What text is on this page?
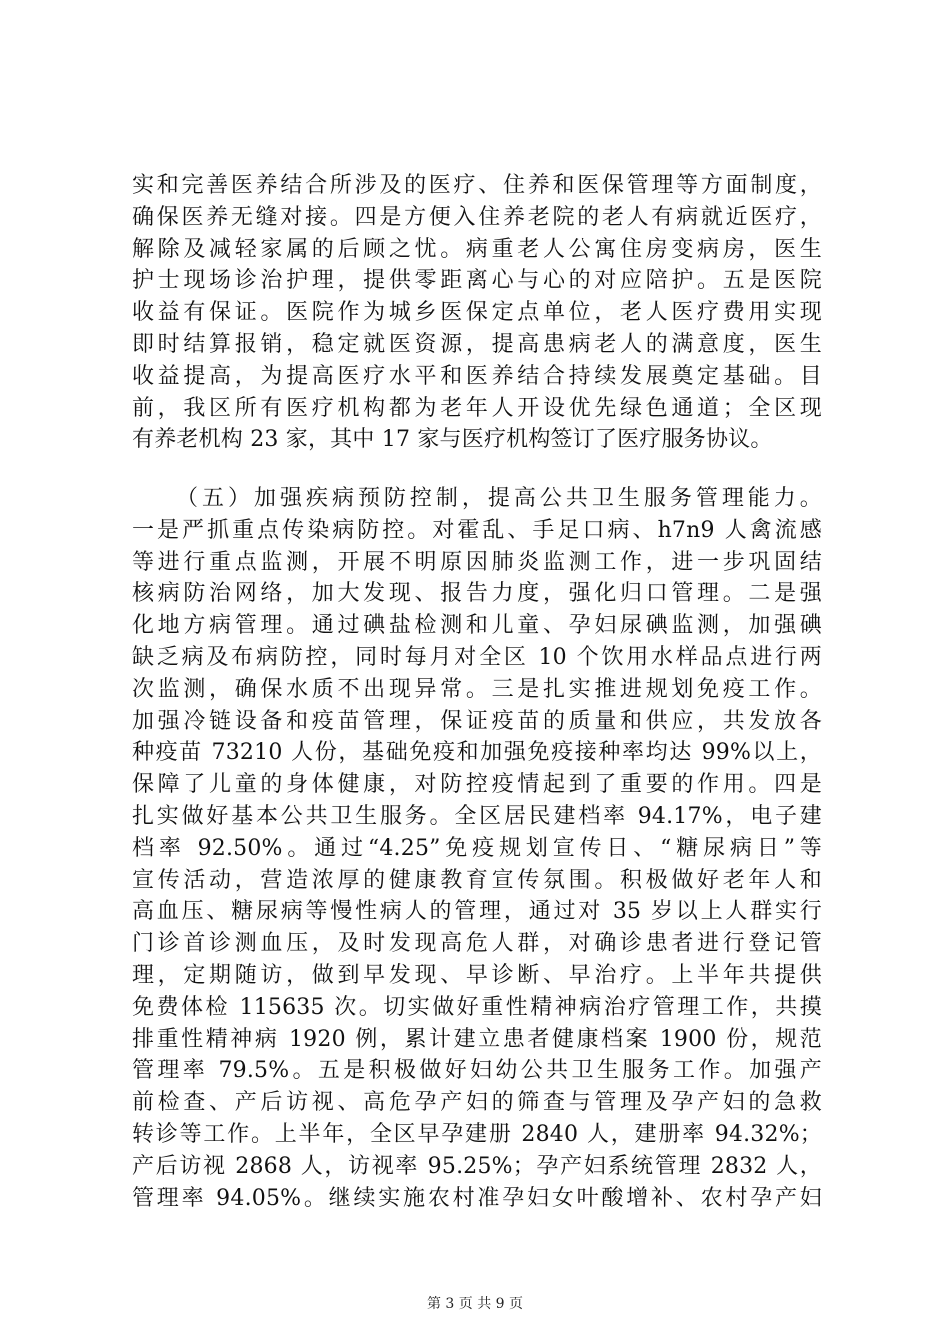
实和完善医养结合所涉及的医疗、住养和医保管理等方面制度，
确保医养无缝对接。四是方便入住养老院的老人有病就近医疗，
解除及减轻家属的后顾之忧。病重老人公寓住房变病房，医生
护士现场诊治护理，提供零距离心与心的对应陪护。五是医院
收益有保证。医院作为城乡医保定点单位，老人医疗费用实现
即时结算报销，稳定就医资源，提高患病老人的满意度，医生
收益提高，为提高医疗水平和医养结合持续发展奠定基础。目
前，我区所有医疗机构都为老年人开设优先绿色通道；全区现
有养老机构 23 家，其中 17 家与医疗机构签订了医疗服务协议。
（五）加强疾病预防控制，提高公共卫生服务管理能力。
一是严抓重点传染病防控。对霍乱、手足口病、h7n9 人禽流感
等进行重点监测，开展不明原因肺炎监测工作，进一步巩固结
核病防治网络，加大发现、报告力度，强化归口管理。二是强
化地方病管理。通过碘盐检测和儿童、孕妇尿碘监测，加强碘
缺乏病及布病防控，同时每月对全区 10 个饮用水样品点进行两
次监测，确保水质不出现异常。三是扎实推进规划免疫工作。
加强冷链设备和疫苗管理，保证疫苗的质量和供应，共发放各
种疫苗 73210 人份，基础免疫和加强免疫接种率均达 99%以上，
保障了儿童的身体健康，对防控疫情起到了重要的作用。四是
扎实做好基本公共卫生服务。全区居民建档率 94.17%，电子建
档率 92.50%。通过“4.25”免疫规划宣传日、“糖尿病日”等
宣传活动，营造浓厚的健康教育宣传氛围。积极做好老年人和
高血压、糖尿病等慢性病人的管理，通过对 35 岁以上人群实行
门诊首诊测血压，及时发现高危人群，对确诊患者进行登记管
理，定期随访，做到早发现、早诊断、早治疗。上半年共提供
免费体检 115635 次。切实做好重性精神病治疗管理工作，共摸
排重性精神病 1920 例，累计建立患者健康档案 1900 份，规范
管理率 79.5%。五是积极做好妇幼公共卫生服务工作。加强产
前检查、产后访视、高危孕产妇的筛查与管理及孕产妇的急救
转诊等工作。上半年，全区早孕建册 2840 人，建册率 94.32%；
产后访视 2868 人，访视率 95.25%；孕产妇系统管理 2832 人，
管理率 94.05%。继续实施农村准孕妇女叶酸增补、农村孕产妇
第 3 页 共 9 页
